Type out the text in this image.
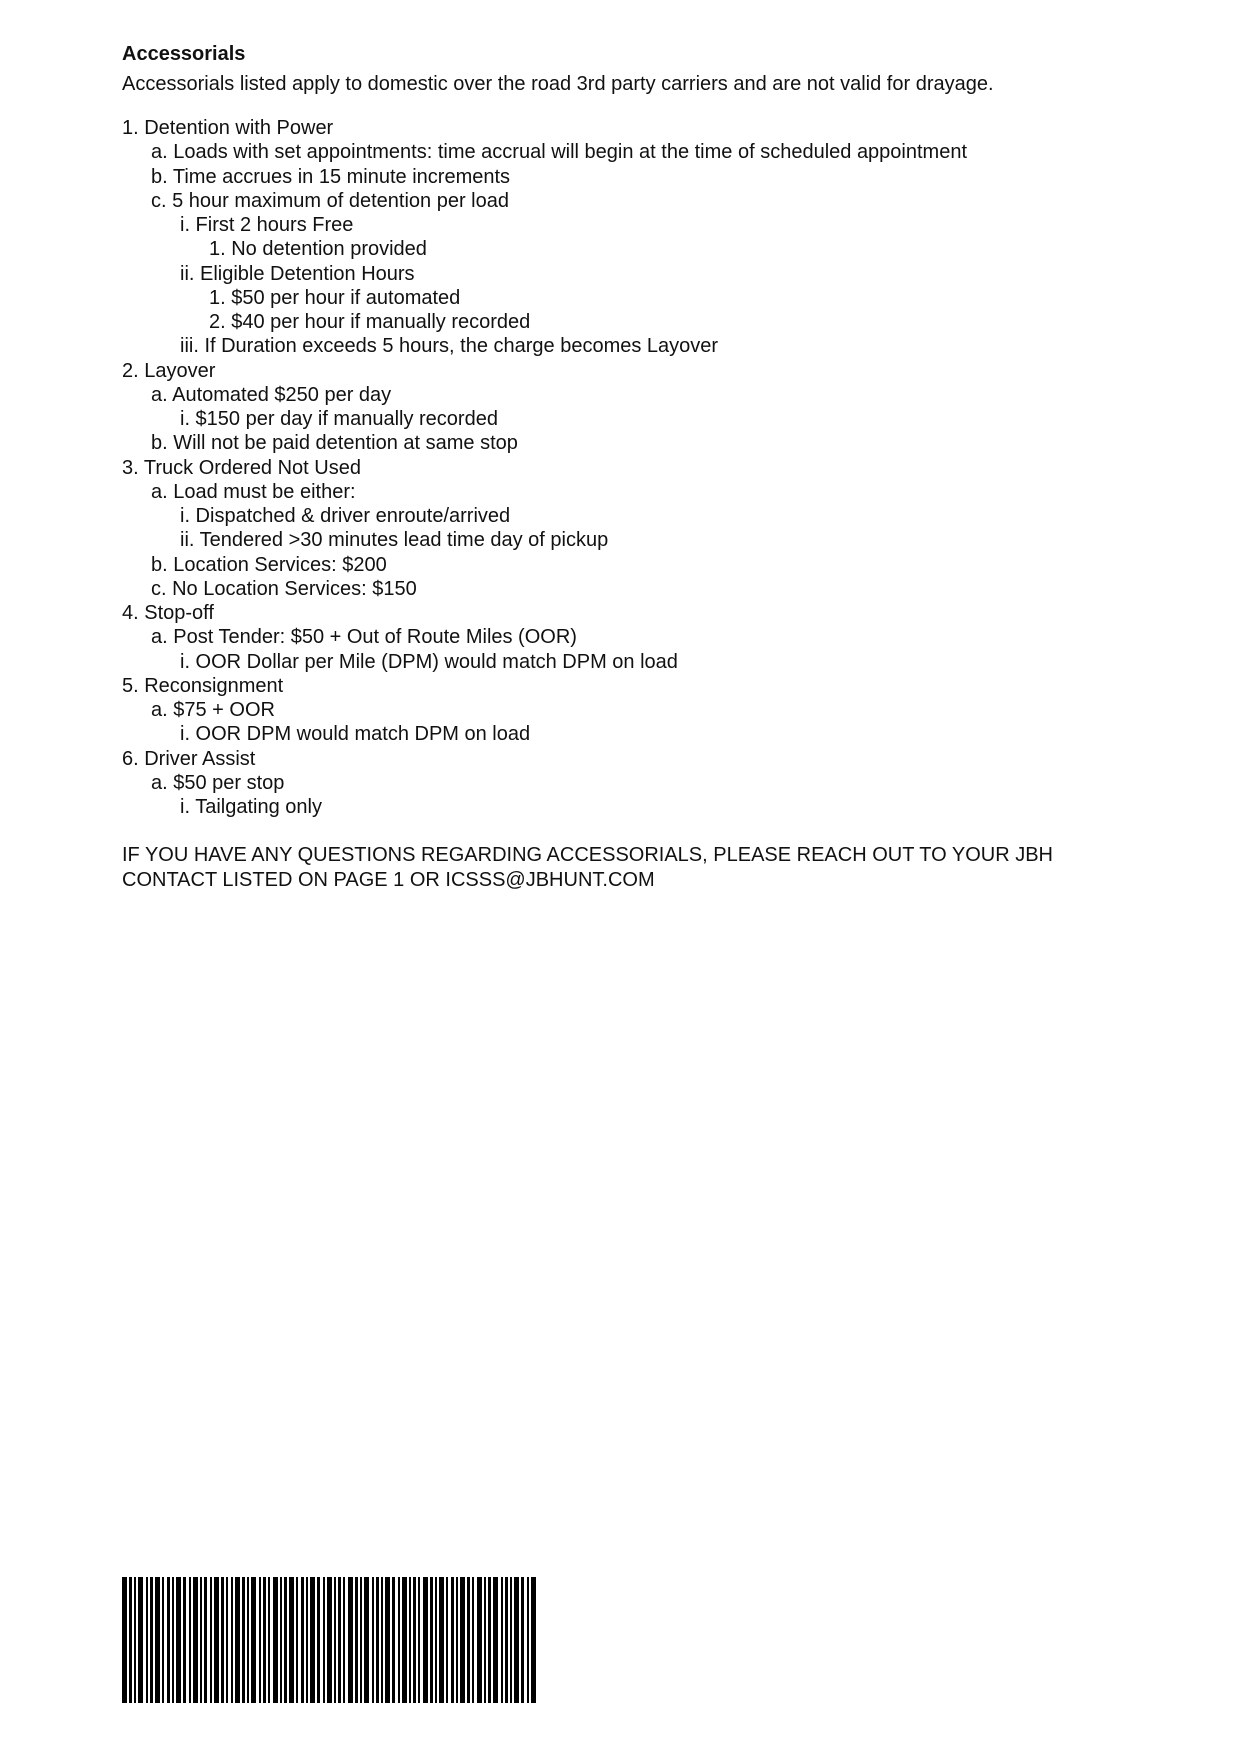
Accessorials

Accessorials listed apply to domestic over the road 3rd party carriers and are not valid for drayage.

1. Detention with Power
a. Loads with set appointments: time accrual will begin at the time of scheduled appointment
b. Time accrues in 15 minute increments
c. 5 hour maximum of detention per load
i. First 2 hours Free
1. No detention provided
ii. Eligible Detention Hours
1. $50 per hour if automated
2. $40 per hour if manually recorded
iii. If Duration exceeds 5 hours, the charge becomes Layover
2. Layover
a. Automated $250 per day
i. $150 per day if manually recorded
b. Will not be paid detention at same stop
3. Truck Ordered Not Used
a. Load must be either:
i. Dispatched & driver enroute/arrived
ii. Tendered >30 minutes lead time day of pickup
b. Location Services: $200
c. No Location Services: $150
4. Stop-off
a. Post Tender: $50 + Out of Route Miles (OOR)
i. OOR Dollar per Mile (DPM) would match DPM on load
5. Reconsignment
a. $75 + OOR
i. OOR DPM would match DPM on load
6. Driver Assist
a. $50 per stop
i. Tailgating only
IF YOU HAVE ANY QUESTIONS REGARDING ACCESSORIALS, PLEASE REACH OUT TO YOUR JBH
CONTACT LISTED ON PAGE 1 OR ICSSS@JBHUNT.COM
